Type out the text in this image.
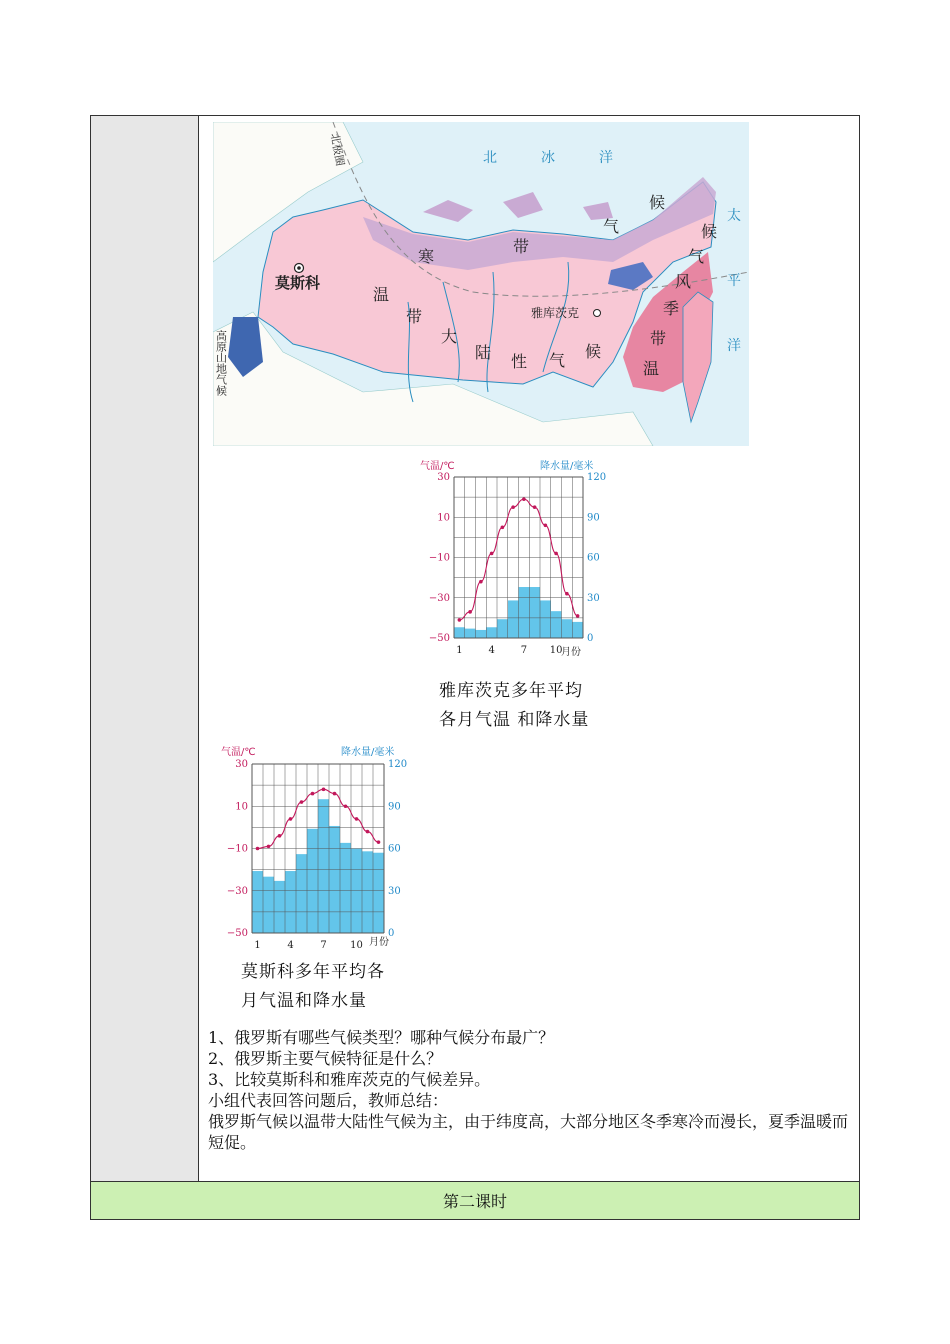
北极圈	北	冰	洋
太
平
洋
寒
带
气
候
温
带
大
陆 性 气 候
温
带
季
风
气
候
高原山地气候
莫斯科
雅库茨克
气温/℃	降水量/毫米
30
10
−10
−30
−50
120
90
60
30
0
1	4	7 10
月份
雅库茨克多年平均
各月气温 和降水量
气温/℃	降水量/毫米
30
10
−10
−30
−50
120
90
60
30
0
1	4	7 10 月份
莫斯科多年平均各
月气温和降水量

1、俄罗斯有哪些气候类型？哪种气候分布最广？

2、俄罗斯主要气候特征是什么？

3、比较莫斯科和雅库茨克的气候差异。

小组代表回答问题后，教师总结：

俄罗斯气候以温带大陆性气候为主，由于纬度高，大部分地区冬季寒冷而漫长，夏季温暖而短促。

第二课时
